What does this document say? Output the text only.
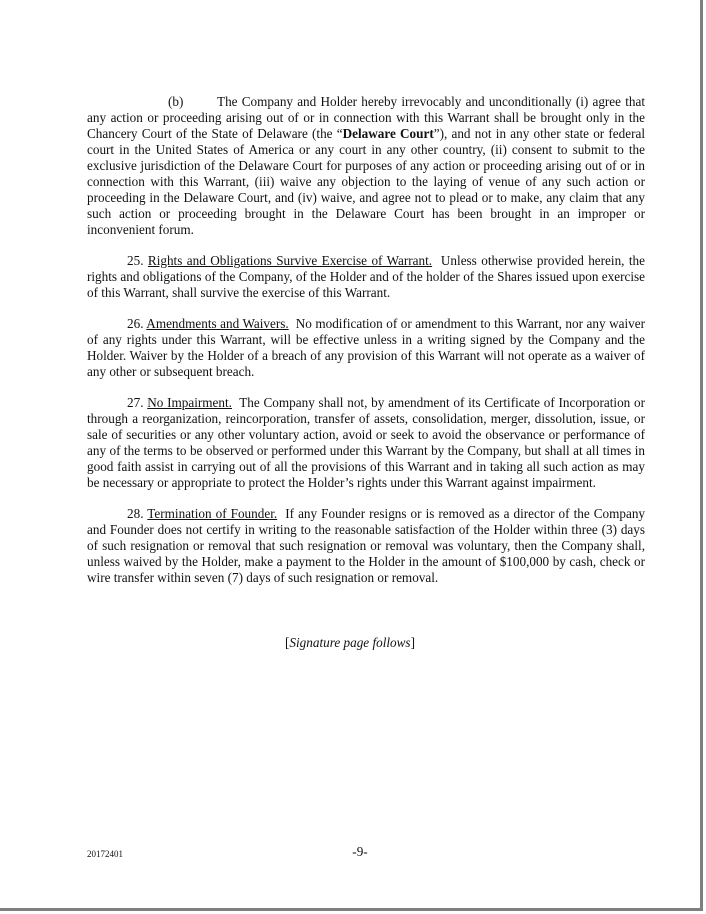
(b)	The Company and Holder hereby irrevocably and unconditionally (i) agree that any action or proceeding arising out of or in connection with this Warrant shall be brought only in the Chancery Court of the State of Delaware (the “Delaware Court”), and not in any other state or federal court in the United States of America or any court in any other country, (ii) consent to submit to the exclusive jurisdiction of the Delaware Court for purposes of any action or proceeding arising out of or in connection with this Warrant, (iii) waive any objection to the laying of venue of any such action or proceeding in the Delaware Court, and (iv) waive, and agree not to plead or to make, any claim that any such action or proceeding brought in the Delaware Court has been brought in an improper or inconvenient forum.

25. Rights and Obligations Survive Exercise of Warrant. Unless otherwise provided herein, the rights and obligations of the Company, of the Holder and of the holder of the Shares issued upon exercise of this Warrant, shall survive the exercise of this Warrant.

26. Amendments and Waivers. No modification of or amendment to this Warrant, nor any waiver of any rights under this Warrant, will be effective unless in a writing signed by the Company and the Holder. Waiver by the Holder of a breach of any provision of this Warrant will not operate as a waiver of any other or subsequent breach.

27. No Impairment. The Company shall not, by amendment of its Certificate of Incorporation or through a reorganization, reincorporation, transfer of assets, consolidation, merger, dissolution, issue, or sale of securities or any other voluntary action, avoid or seek to avoid the observance or performance of any of the terms to be observed or performed under this Warrant by the Company, but shall at all times in good faith assist in carrying out of all the provisions of this Warrant and in taking all such action as may be necessary or appropriate to protect the Holder’s rights under this Warrant against impairment.

28. Termination of Founder. If any Founder resigns or is removed as a director of the Company and Founder does not certify in writing to the reasonable satisfaction of the Holder within three (3) days of such resignation or removal that such resignation or removal was voluntary, then the Company shall, unless waived by the Holder, make a payment to the Holder in the amount of $100,000 by cash, check or wire transfer within seven (7) days of such resignation or removal.

[Signature page follows]
20172401	-9-
